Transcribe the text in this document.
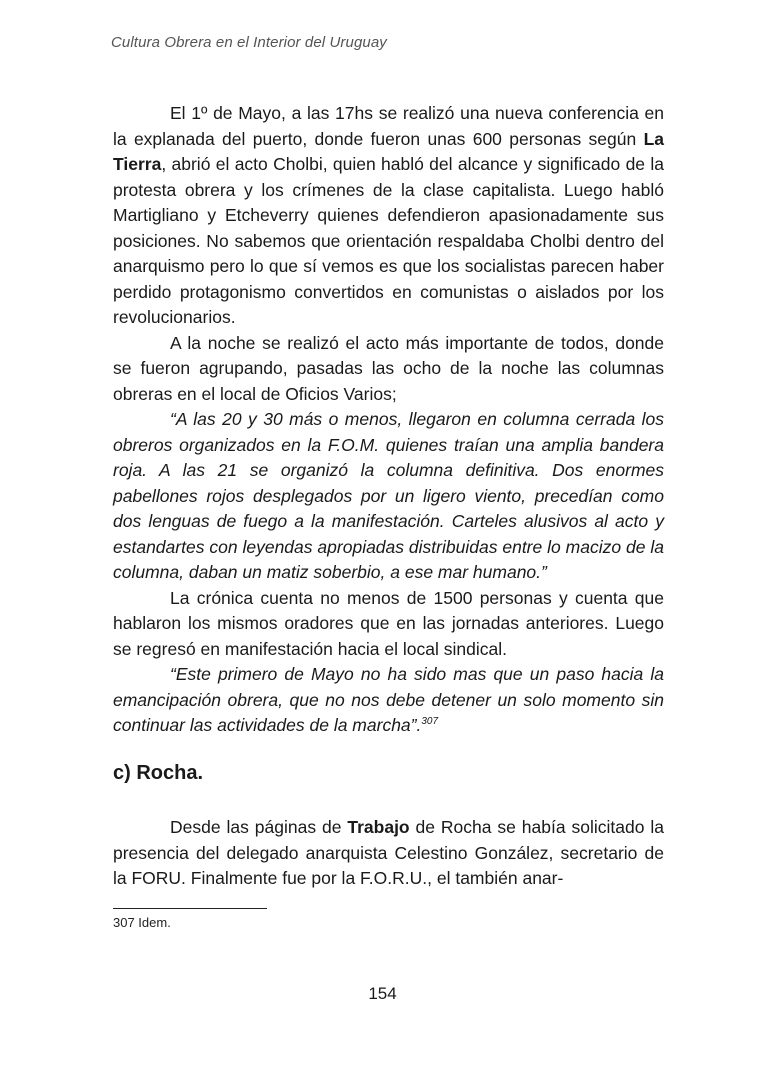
Cultura Obrera en el Interior del Uruguay

El 1º de Mayo, a las 17hs se realizó una nueva conferencia en la explanada del puerto, donde fueron unas 600 personas según La Tierra, abrió el acto Cholbi, quien habló del alcance y significado de la protesta obrera y los crímenes de la clase capitalista. Luego habló Martigliano y Etcheverry quienes defendieron apasionadamente sus posiciones. No sabemos que orientación respaldaba Cholbi dentro del anarquismo pero lo que sí vemos es que los socialistas parecen haber perdido protagonismo convertidos en comunistas o aislados por los revolucionarios.

A la noche se realizó el acto más importante de todos, donde se fueron agrupando, pasadas las ocho de la noche las columnas obreras en el local de Oficios Varios;

“A las 20 y 30 más o menos, llegaron en columna cerrada los obreros organizados en la F.O.M. quienes traían una amplia bandera roja. A las 21 se organizó la columna definitiva. Dos enormes pabellones rojos desplegados por un ligero viento, precedían como dos lenguas de fuego a la manifestación. Carteles alusivos al acto y estandartes con leyendas apropiadas distribuidas entre lo macizo de la columna, daban un matiz soberbio, a ese mar humano.”

La crónica cuenta no menos de 1500 personas y cuenta que hablaron los mismos oradores que en las jornadas anteriores. Luego se regresó en manifestación hacia el local sindical.

“Este primero de Mayo no ha sido mas que un paso hacia la emancipación obrera, que no nos debe detener un solo momento sin continuar las actividades de la marcha”.$^{307}$

c) Rocha.

Desde las páginas de Trabajo de Rocha se había solicitado la presencia del delegado anarquista Celestino González, secretario de la FORU. Finalmente fue por la F.O.R.U., el también anar-

307 Idem.
154
